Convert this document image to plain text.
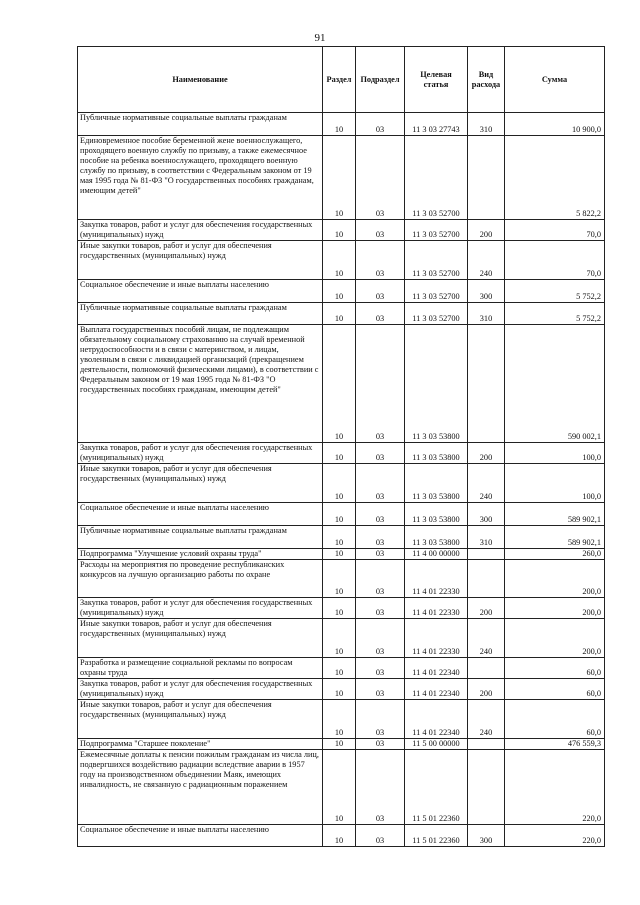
91
Наименование	Раздел	Подраздел	Целевая статья	Вид расхода	Сумма

Публичные нормативные социальные выплаты гражданам	10	03	11 3 03 27743	310	10 900,0

Единовременное пособие беременной жене военнослужащего, проходящего военную службу по призыву, а также ежемесячное пособие на ребенка военнослужащего, проходящего военную службу по призыву, в соответствии с Федеральным законом от 19 мая 1995 года № 81-ФЗ "О государственных пособиях гражданам, имеющим детей"	10	03	11 3 03 52700		5 822,2

Закупка товаров, работ и услуг для обеспечения государственных (муниципальных) нужд	10	03	11 3 03 52700	200	70,0

Иные закупки товаров, работ и услуг для обеспечения государственных (муниципальных) нужд	10	03	11 3 03 52700	240	70,0

Социальное обеспечение и иные выплаты населению	10	03	11 3 03 52700	300	5 752,2

Публичные нормативные социальные выплаты гражданам	10	03	11 3 03 52700	310	5 752,2

Выплата государственных пособий лицам, не подлежащим обязательному социальному страхованию на случай временной нетрудоспособности и в связи с материнством, и лицам, уволенным в связи с ликвидацией организаций (прекращением деятельности, полномочий физическими лицами), в соответствии с Федеральным законом от 19 мая 1995 года № 81-ФЗ "О государственных пособиях гражданам, имеющим детей"	10	03	11 3 03 53800		590 002,1

Закупка товаров, работ и услуг для обеспечения государственных (муниципальных) нужд	10	03	11 3 03 53800	200	100,0

Иные закупки товаров, работ и услуг для обеспечения государственных (муниципальных) нужд	10	03	11 3 03 53800	240	100,0

Социальное обеспечение и иные выплаты населению	10	03	11 3 03 53800	300	589 902,1

Публичные нормативные социальные выплаты гражданам	10	03	11 3 03 53800	310	589 902,1

Подпрограмма "Улучшение условий охраны труда"	10	03	11 4 00 00000		260,0

Расходы на мероприятия по проведение республиканских конкурсов на лучшую организацию работы по охране	10	03	11 4 01 22330		200,0

Закупка товаров, работ и услуг для обеспечения государственных (муниципальных) нужд	10	03	11 4 01 22330	200	200,0

Иные закупки товаров, работ и услуг для обеспечения государственных (муниципальных) нужд	10	03	11 4 01 22330	240	200,0

Разработка и размещение социальной рекламы по вопросам охраны труда	10	03	11 4 01 22340		60,0

Закупка товаров, работ и услуг для обеспечения государственных (муниципальных) нужд	10	03	11 4 01 22340	200	60,0

Иные закупки товаров, работ и услуг для обеспечения государственных (муниципальных) нужд	10	03	11 4 01 22340	240	60,0

Подпрограмма "Старшее поколение"	10	03	11 5 00 00000		476 559,3

Ежемесячные доплаты к пенсии пожилым гражданам из числа лиц, подвергшихся воздействию радиации вследствие аварии в 1957 году на производственном объединении Маяк, имеющих инвалидность, не связанную с радиационным поражением	10	03	11 5 01 22360		220,0

Социальное обеспечение и иные выплаты населению	10	03	11 5 01 22360	300	220,0
